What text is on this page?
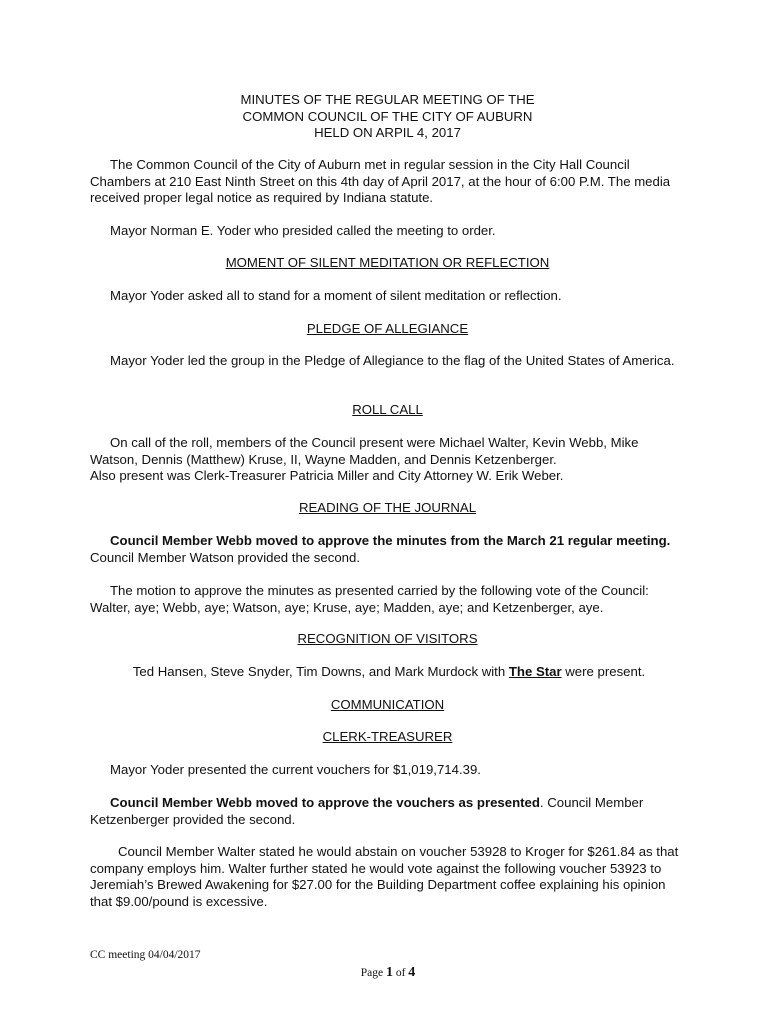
MINUTES OF THE REGULAR MEETING OF THE
COMMON COUNCIL OF THE CITY OF AUBURN
HELD ON ARPIL 4, 2017

The Common Council of the City of Auburn met in regular session in the City Hall Council Chambers at 210 East Ninth Street on this 4th day of April 2017, at the hour of 6:00 P.M. The media received proper legal notice as required by Indiana statute.

Mayor Norman E. Yoder who presided called the meeting to order.

MOMENT OF SILENT MEDITATION OR REFLECTION

Mayor Yoder asked all to stand for a moment of silent meditation or reflection.

PLEDGE OF ALLEGIANCE

Mayor Yoder led the group in the Pledge of Allegiance to the flag of the United States of America.

ROLL CALL

On call of the roll, members of the Council present were Michael Walter, Kevin Webb, Mike Watson, Dennis (Matthew) Kruse, II, Wayne Madden, and Dennis Ketzenberger.

Also present was Clerk-Treasurer Patricia Miller and City Attorney W. Erik Weber.

READING OF THE JOURNAL

Council Member Webb moved to approve the minutes from the March 21 regular meeting. Council Member Watson provided the second.

The motion to approve the minutes as presented carried by the following vote of the Council: Walter, aye; Webb, aye; Watson, aye; Kruse, aye; Madden, aye; and Ketzenberger, aye.

RECOGNITION OF VISITORS

Ted Hansen, Steve Snyder, Tim Downs, and Mark Murdock with The Star were present.

COMMUNICATION

CLERK-TREASURER

Mayor Yoder presented the current vouchers for $1,019,714.39.

Council Member Webb moved to approve the vouchers as presented. Council Member Ketzenberger provided the second.

Council Member Walter stated he would abstain on voucher 53928 to Kroger for $261.84 as that company employs him. Walter further stated he would vote against the following voucher 53923 to Jeremiah’s Brewed Awakening for $27.00 for the Building Department coffee explaining his opinion that $9.00/pound is excessive.

CC meeting 04/04/2017
Page 1 of 4
